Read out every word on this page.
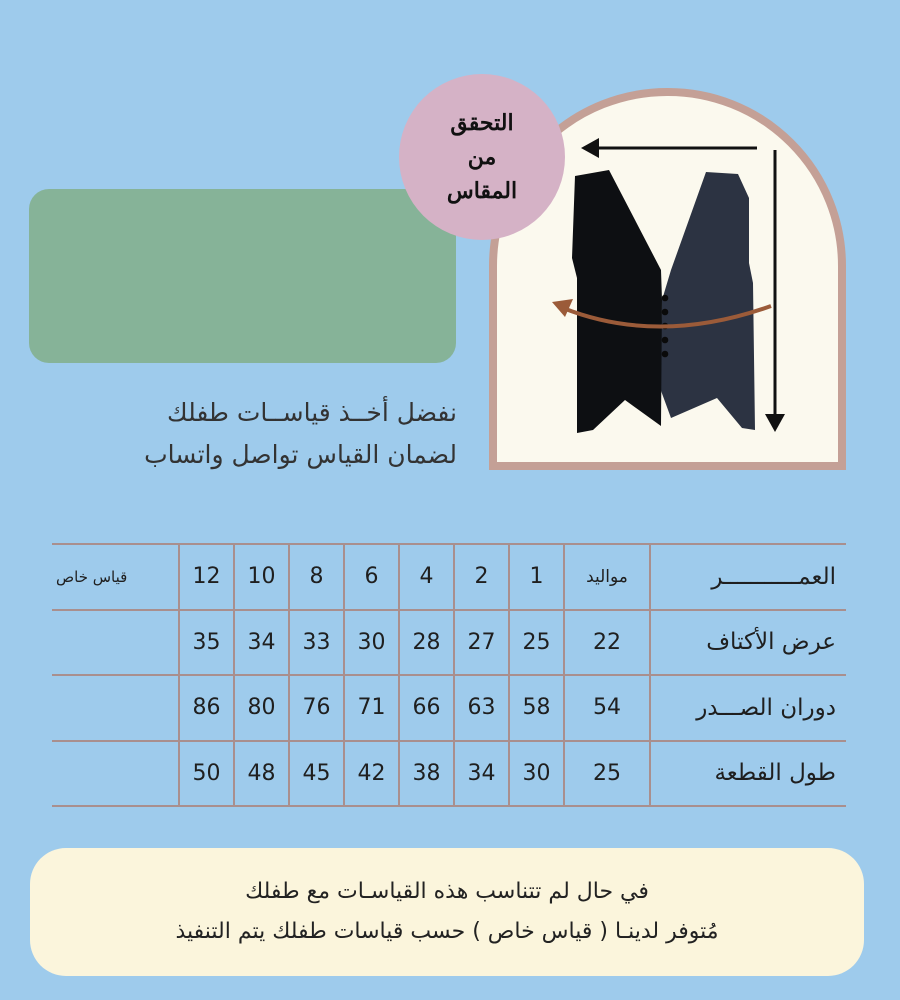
التحقق
من
المقاس
نفضل أخــذ قياســات طفلك
لضمان القياس تواصل واتساب
العمـــــــــــر	مواليد	1	2	4	6	8	10	12	قياس خاص
عرض الأكتاف	22	25	27	28	30	33	34	35	
دوران الصـــدر	54	58	63	66	71	76	80	86	
طول القطعة	25	30	34	38	42	45	48	50	
في حال لم تتناسب هذه القياسـات مع طفلك
مُتوفر لدينـا ( قياس خاص ) حسب قياسات طفلك يتم التنفيذ
